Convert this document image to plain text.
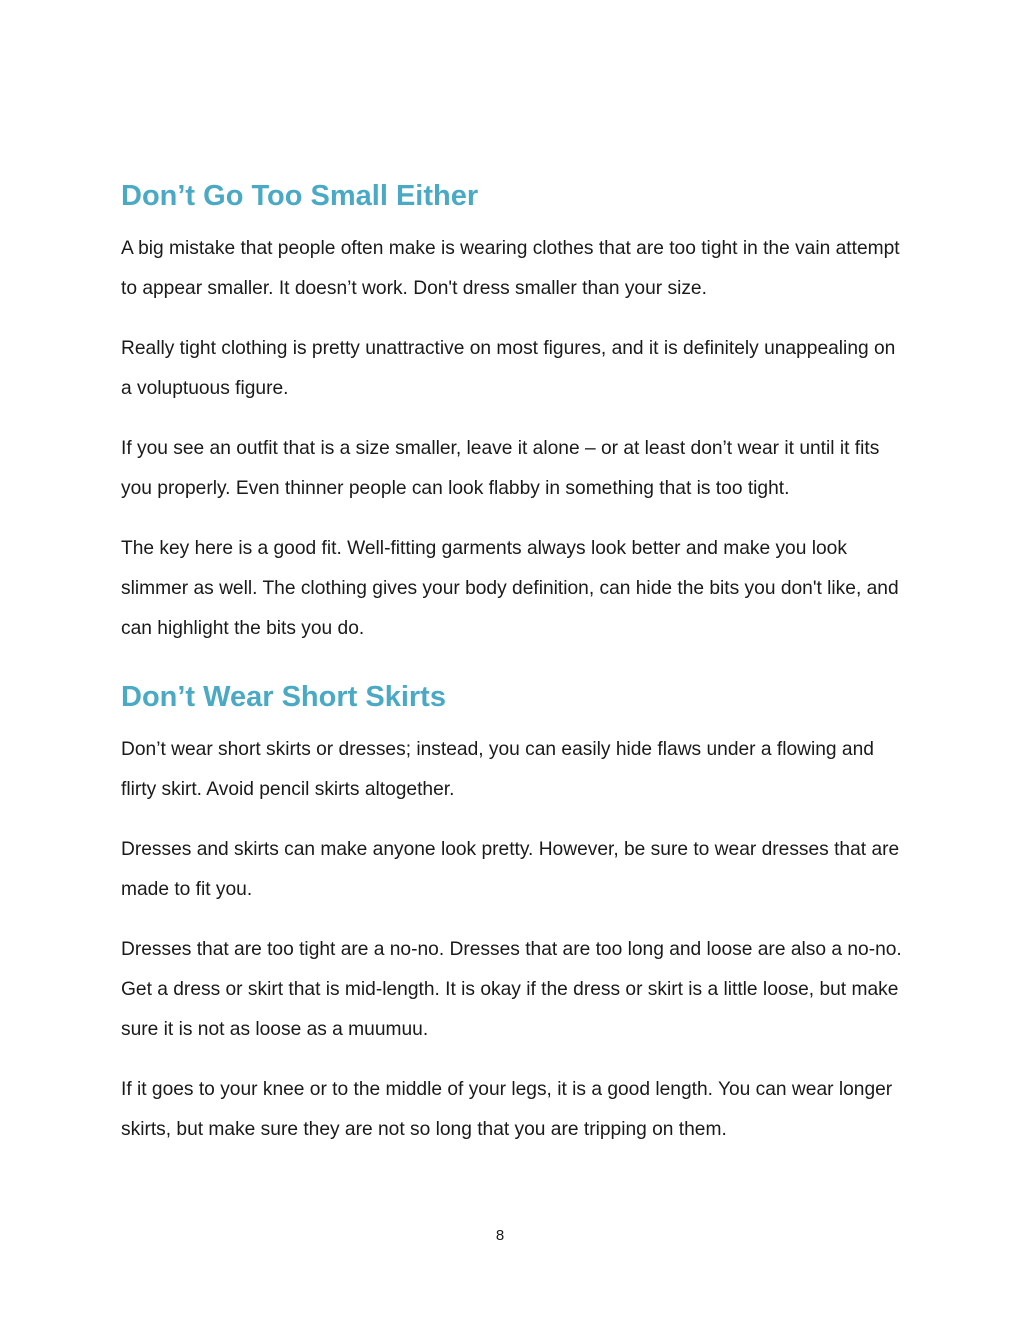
Don’t Go Too Small Either

A big mistake that people often make is wearing clothes that are too tight in the vain attempt to appear smaller. It doesn’t work. Don't dress smaller than your size.

Really tight clothing is pretty unattractive on most figures, and it is definitely unappealing on a voluptuous figure.

If you see an outfit that is a size smaller, leave it alone – or at least don’t wear it until it fits you properly. Even thinner people can look flabby in something that is too tight.

The key here is a good fit. Well-fitting garments always look better and make you look slimmer as well. The clothing gives your body definition, can hide the bits you don't like, and can highlight the bits you do.

Don’t Wear Short Skirts

Don’t wear short skirts or dresses; instead, you can easily hide flaws under a flowing and flirty skirt. Avoid pencil skirts altogether.

Dresses and skirts can make anyone look pretty. However, be sure to wear dresses that are made to fit you.

Dresses that are too tight are a no-no. Dresses that are too long and loose are also a no-no. Get a dress or skirt that is mid-length. It is okay if the dress or skirt is a little loose, but make sure it is not as loose as a muumuu.

If it goes to your knee or to the middle of your legs, it is a good length. You can wear longer skirts, but make sure they are not so long that you are tripping on them.

8
